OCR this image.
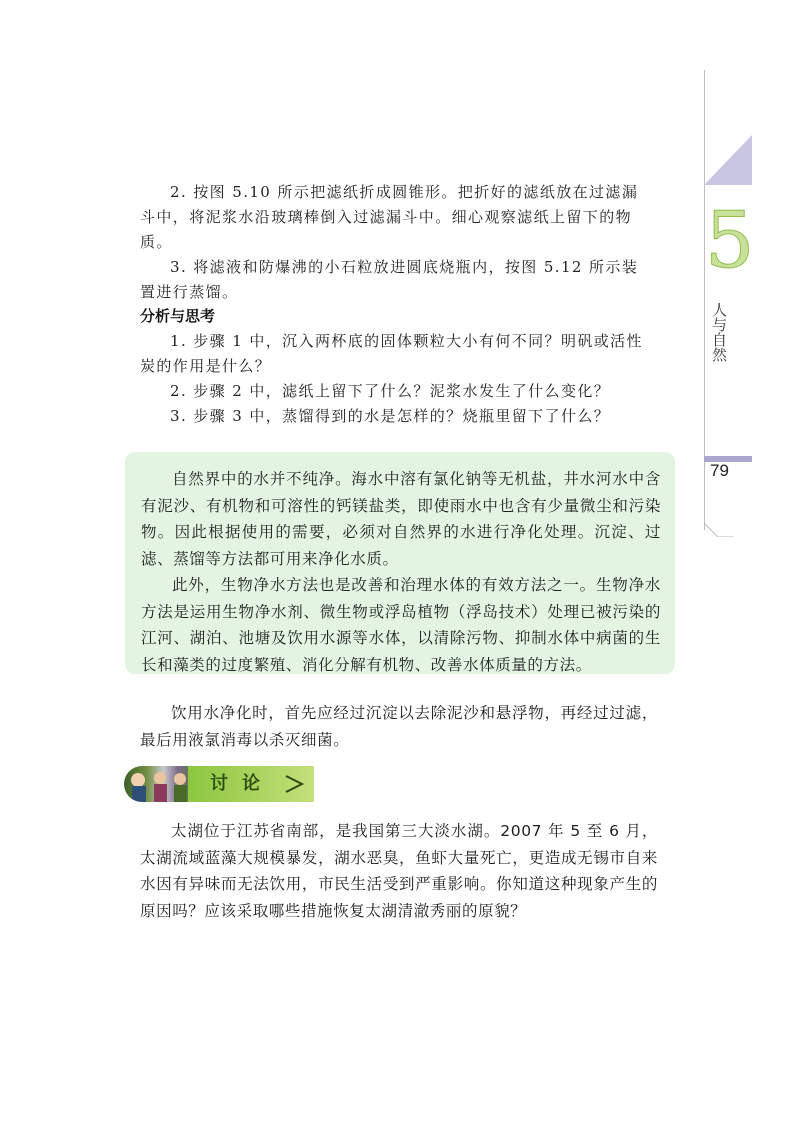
5
人与自然
79

2. 按图 5.10 所示把滤纸折成圆锥形。把折好的滤纸放在过滤漏斗中，将泥浆水沿玻璃棒倒入过滤漏斗中。细心观察滤纸上留下的物质。

3. 将滤液和防爆沸的小石粒放进圆底烧瓶内，按图 5.12 所示装置进行蒸馏。

分析与思考

1. 步骤 1 中，沉入两杯底的固体颗粒大小有何不同？明矾或活性炭的作用是什么？

2. 步骤 2 中，滤纸上留下了什么？泥浆水发生了什么变化？

3. 步骤 3 中，蒸馏得到的水是怎样的？烧瓶里留下了什么？

自然界中的水并不纯净。海水中溶有氯化钠等无机盐，井水河水中含有泥沙、有机物和可溶性的钙镁盐类，即使雨水中也含有少量微尘和污染物。因此根据使用的需要，必须对自然界的水进行净化处理。沉淀、过滤、蒸馏等方法都可用来净化水质。

此外，生物净水方法也是改善和治理水体的有效方法之一。生物净水方法是运用生物净水剂、微生物或浮岛植物（浮岛技术）处理已被污染的江河、湖泊、池塘及饮用水源等水体，以清除污物、抑制水体中病菌的生长和藻类的过度繁殖、消化分解有机物、改善水体质量的方法。

饮用水净化时，首先应经过沉淀以去除泥沙和悬浮物，再经过过滤，最后用液氯消毒以杀灭细菌。

讨论

太湖位于江苏省南部，是我国第三大淡水湖。2007 年 5 至 6 月，太湖流域蓝藻大规模暴发，湖水恶臭，鱼虾大量死亡，更造成无锡市自来水因有异味而无法饮用，市民生活受到严重影响。你知道这种现象产生的原因吗？应该采取哪些措施恢复太湖清澈秀丽的原貌？
